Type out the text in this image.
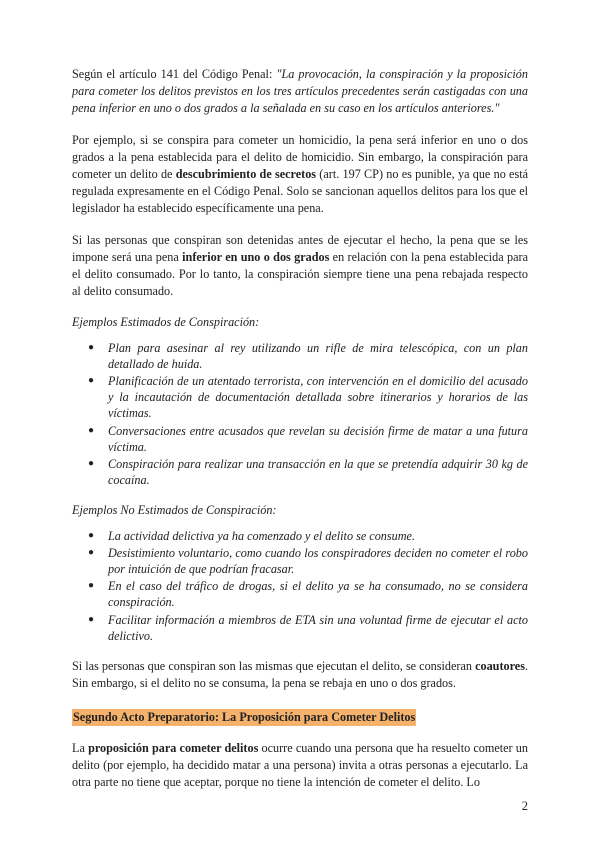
Según el artículo 141 del Código Penal: "La provocación, la conspiración y la proposición para cometer los delitos previstos en los tres artículos precedentes serán castigadas con una pena inferior en uno o dos grados a la señalada en su caso en los artículos anteriores."

Por ejemplo, si se conspira para cometer un homicidio, la pena será inferior en uno o dos grados a la pena establecida para el delito de homicidio. Sin embargo, la conspiración para cometer un delito de descubrimiento de secretos (art. 197 CP) no es punible, ya que no está regulada expresamente en el Código Penal. Solo se sancionan aquellos delitos para los que el legislador ha establecido específicamente una pena.

Si las personas que conspiran son detenidas antes de ejecutar el hecho, la pena que se les impone será una pena inferior en uno o dos grados en relación con la pena establecida para el delito consumado. Por lo tanto, la conspiración siempre tiene una pena rebajada respecto al delito consumado.

Ejemplos Estimados de Conspiración:

● Plan para asesinar al rey utilizando un rifle de mira telescópica, con un plan detallado de huida.
● Planificación de un atentado terrorista, con intervención en el domicilio del acusado y la incautación de documentación detallada sobre itinerarios y horarios de las víctimas.
● Conversaciones entre acusados que revelan su decisión firme de matar a una futura víctima.
● Conspiración para realizar una transacción en la que se pretendía adquirir 30 kg de cocaína.

Ejemplos No Estimados de Conspiración:

● La actividad delictiva ya ha comenzado y el delito se consume.
● Desistimiento voluntario, como cuando los conspiradores deciden no cometer el robo por intuición de que podrían fracasar.
● En el caso del tráfico de drogas, si el delito ya se ha consumado, no se considera conspiración.
● Facilitar información a miembros de ETA sin una voluntad firme de ejecutar el acto delictivo.

Si las personas que conspiran son las mismas que ejecutan el delito, se consideran coautores. Sin embargo, si el delito no se consuma, la pena se rebaja en uno o dos grados.

Segundo Acto Preparatorio: La Proposición para Cometer Delitos

La proposición para cometer delitos ocurre cuando una persona que ha resuelto cometer un delito (por ejemplo, ha decidido matar a una persona) invita a otras personas a ejecutarlo. La otra parte no tiene que aceptar, porque no tiene la intención de cometer el delito. Lo

2
